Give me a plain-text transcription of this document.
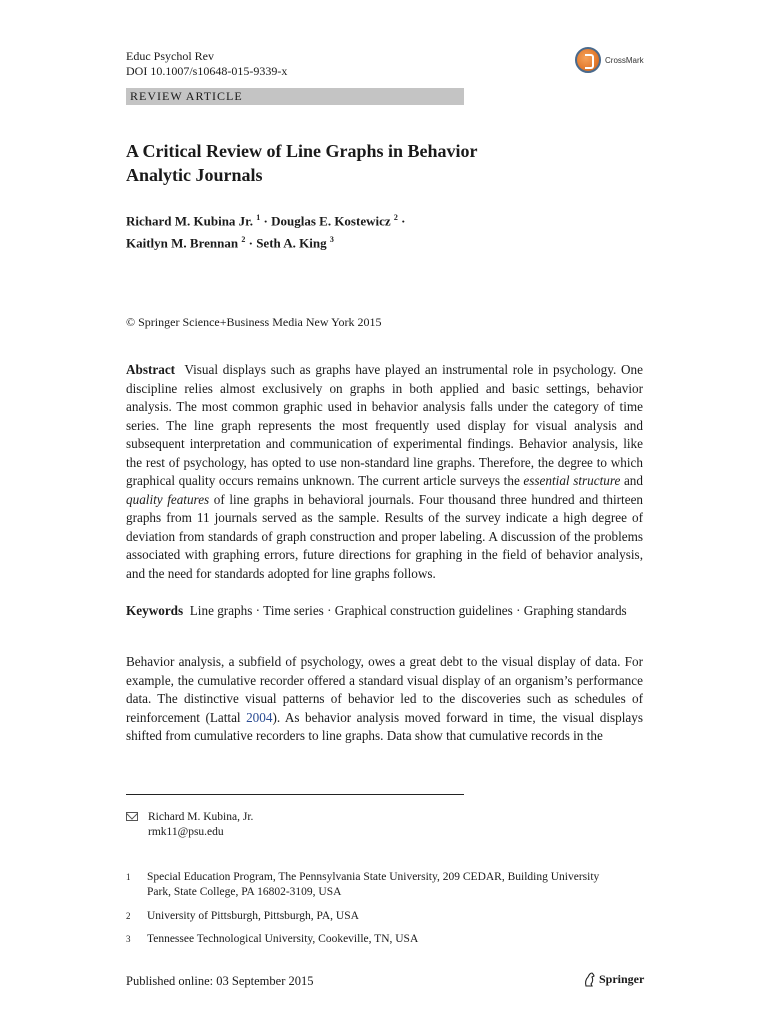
Educ Psychol Rev
DOI 10.1007/s10648-015-9339-x
CrossMark
REVIEW ARTICLE
A Critical Review of Line Graphs in Behavior
Analytic Journals
Richard M. Kubina Jr. $^1$ · Douglas E. Kostewicz $^2$ ·
Kaitlyn M. Brennan $^2$ · Seth A. King $^3$
© Springer Science+Business Media New York 2015

Abstract Visual displays such as graphs have played an instrumental role in psychology. One discipline relies almost exclusively on graphs in both applied and basic settings, behavior analysis. The most common graphic used in behavior analysis falls under the category of time series. The line graph represents the most frequently used display for visual analysis and subsequent interpretation and communication of experimental findings. Behavior analysis, like the rest of psychology, has opted to use non-standard line graphs. Therefore, the degree to which graphical quality occurs remains unknown. The current article surveys the essential structure and quality features of line graphs in behavioral journals. Four thousand three hundred and thirteen graphs from 11 journals served as the sample. Results of the survey indicate a high degree of deviation from standards of graph construction and proper labeling. A discussion of the problems associated with graphing errors, future directions for graphing in the field of behavior analysis, and the need for standards adopted for line graphs follows.

Keywords Line graphs · Time series · Graphical construction guidelines · Graphing standards

Behavior analysis, a subfield of psychology, owes a great debt to the visual display of data. For example, the cumulative recorder offered a standard visual display of an organism’s performance data. The distinctive visual patterns of behavior led to the discoveries such as schedules of reinforcement (Lattal 2004). As behavior analysis moved forward in time, the visual displays shifted from cumulative recorders to line graphs. Data show that cumulative records in the

Richard M. Kubina, Jr.
rmk11@psu.edu
1	Special Education Program, The Pennsylvania State University, 209 CEDAR, Building University
Park, State College, PA 16802-3109, USA
2	University of Pittsburgh, Pittsburgh, PA, USA
3	Tennessee Technological University, Cookeville, TN, USA
Published online: 03 September 2015	Springer
